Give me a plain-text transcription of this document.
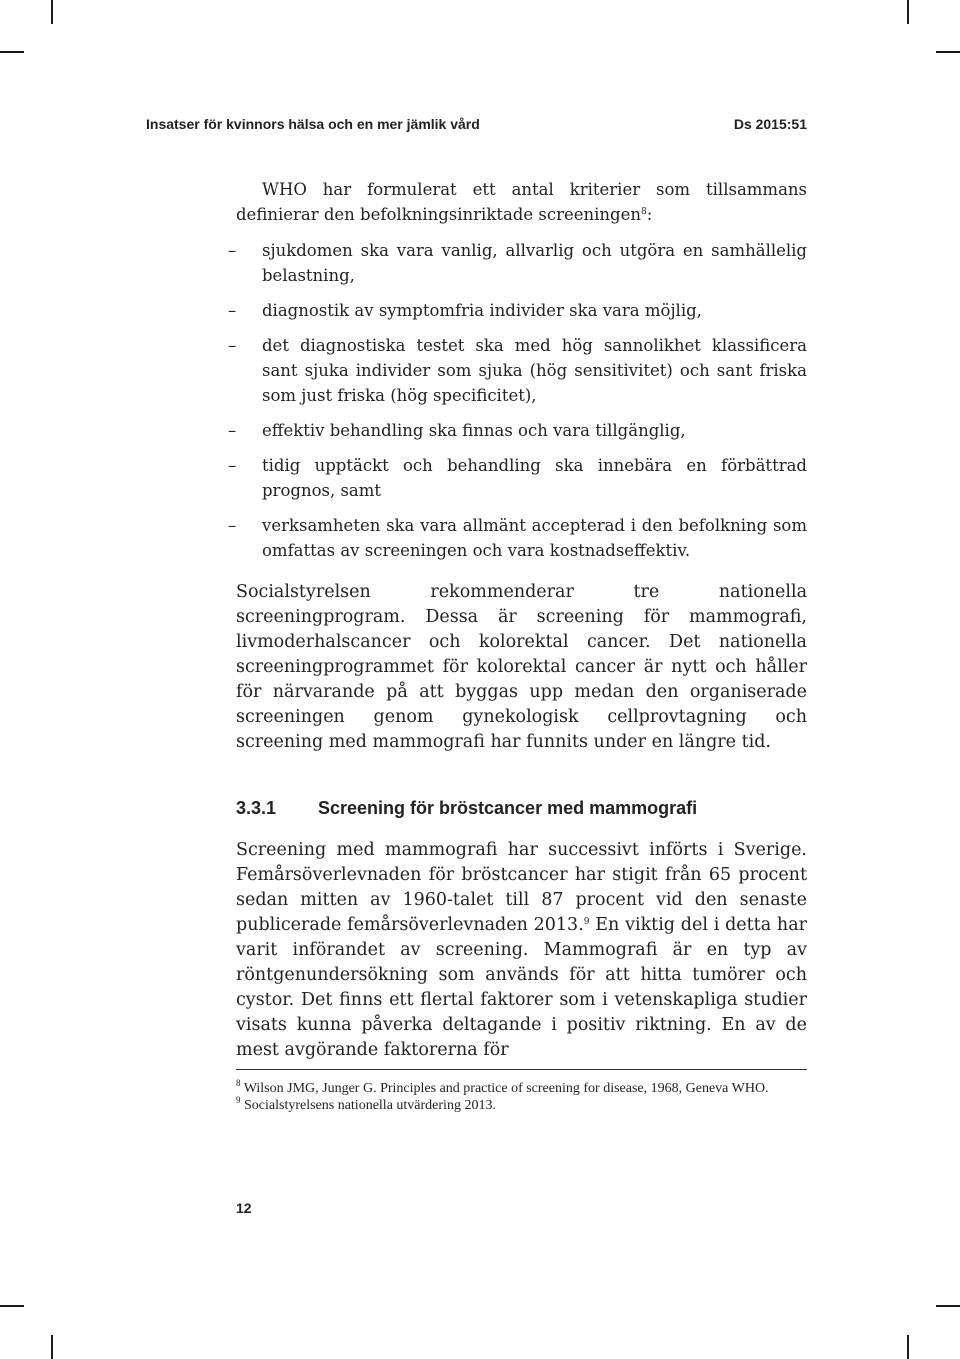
Insatser för kvinnors hälsa och en mer jämlik vård	Ds 2015:51
WHO har formulerat ett antal kriterier som tillsammans definierar den befolkningsinriktade screeningen$^8$:
– sjukdomen ska vara vanlig, allvarlig och utgöra en samhällelig belastning,
– diagnostik av symptomfria individer ska vara möjlig,
– det diagnostiska testet ska med hög sannolikhet klassificera sant sjuka individer som sjuka (hög sensitivitet) och sant friska som just friska (hög specificitet),
– effektiv behandling ska finnas och vara tillgänglig,
– tidig upptäckt och behandling ska innebära en förbättrad prognos, samt
– verksamheten ska vara allmänt accepterad i den befolkning som omfattas av screeningen och vara kostnadseffektiv.
Socialstyrelsen rekommenderar tre nationella screeningprogram. Dessa är screening för mammografi, livmoderhalscancer och kolorektal cancer. Det nationella screeningprogrammet för kolorektal cancer är nytt och håller för närvarande på att byggas upp medan den organiserade screeningen genom gynekologisk cellprovtagning och screening med mammografi har funnits under en längre tid.
3.3.1 Screening för bröstcancer med mammografi
Screening med mammografi har successivt införts i Sverige. Femårsöverlevnaden för bröstcancer har stigit från 65 procent sedan mitten av 1960-talet till 87 procent vid den senaste publicerade femårsöverlevnaden 2013.$^9$ En viktig del i detta har varit införandet av screening. Mammografi är en typ av röntgenundersökning som används för att hitta tumörer och cystor. Det finns ett flertal faktorer som i vetenskapliga studier visats kunna påverka deltagande i positiv riktning. En av de mest avgörande faktorerna för
$^8$ Wilson JMG, Junger G. Principles and practice of screening for disease, 1968, Geneva WHO.
$^9$ Socialstyrelsens nationella utvärdering 2013.
12
